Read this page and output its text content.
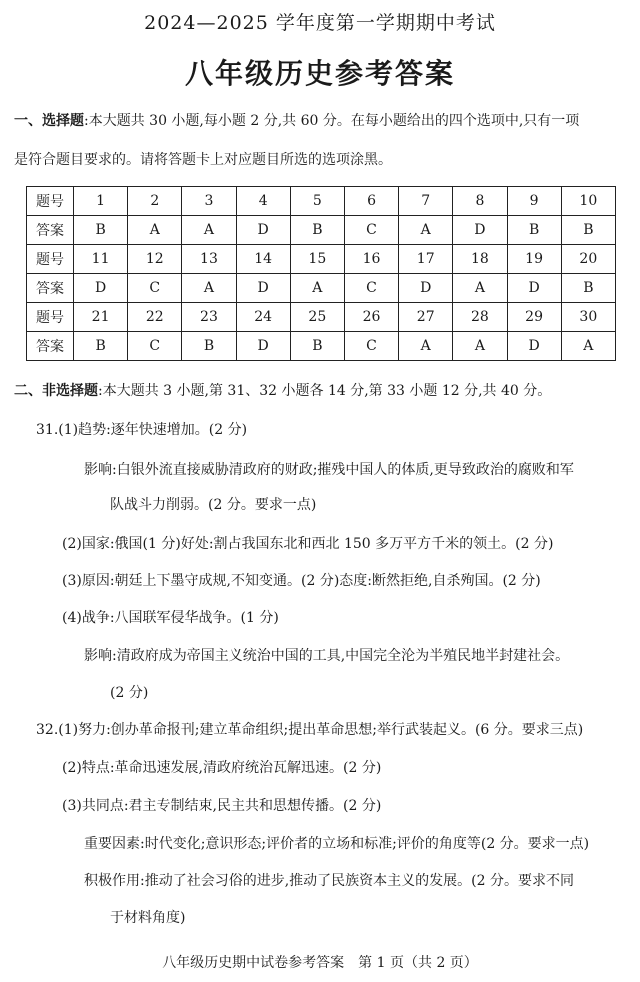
2024—2025 学年度第一学期期中考试
八年级历史参考答案
一、选择题:本大题共 30 小题,每小题 2 分,共 60 分。在每小题给出的四个选项中,只有一项
是符合题目要求的。请将答题卡上对应题目所选的选项涂黑。
题号	1	2	3	4	5	6	7	8	9	10
答案	B	A	A	D	B	C	A	D	B	B
题号	11	12	13	14	15	16	17	18	19	20
答案	D	C	A	D	A	C	D	A	D	B
题号	21	22	23	24	25	26	27	28	29	30
答案	B	C	B	D	B	C	A	A	D	A
二、非选择题:本大题共 3 小题,第 31、32 小题各 14 分,第 33 小题 12 分,共 40 分。
31.(1)趋势:逐年快速增加。(2 分)
影响:白银外流直接威胁清政府的财政;摧残中国人的体质,更导致政治的腐败和军
队战斗力削弱。(2 分。要求一点)
(2)国家:俄国(1 分)好处:割占我国东北和西北 150 多万平方千米的领土。(2 分)
(3)原因:朝廷上下墨守成规,不知变通。(2 分)态度:断然拒绝,自杀殉国。(2 分)
(4)战争:八国联军侵华战争。(1 分)
影响:清政府成为帝国主义统治中国的工具,中国完全沦为半殖民地半封建社会。
(2 分)
32.(1)努力:创办革命报刊;建立革命组织;提出革命思想;举行武装起义。(6 分。要求三点)
(2)特点:革命迅速发展,清政府统治瓦解迅速。(2 分)
(3)共同点:君主专制结束,民主共和思想传播。(2 分)
重要因素:时代变化;意识形态;评价者的立场和标准;评价的角度等(2 分。要求一点)
积极作用:推动了社会习俗的进步,推动了民族资本主义的发展。(2 分。要求不同
于材料角度)
八年级历史期中试卷参考答案　第 1 页（共 2 页）
